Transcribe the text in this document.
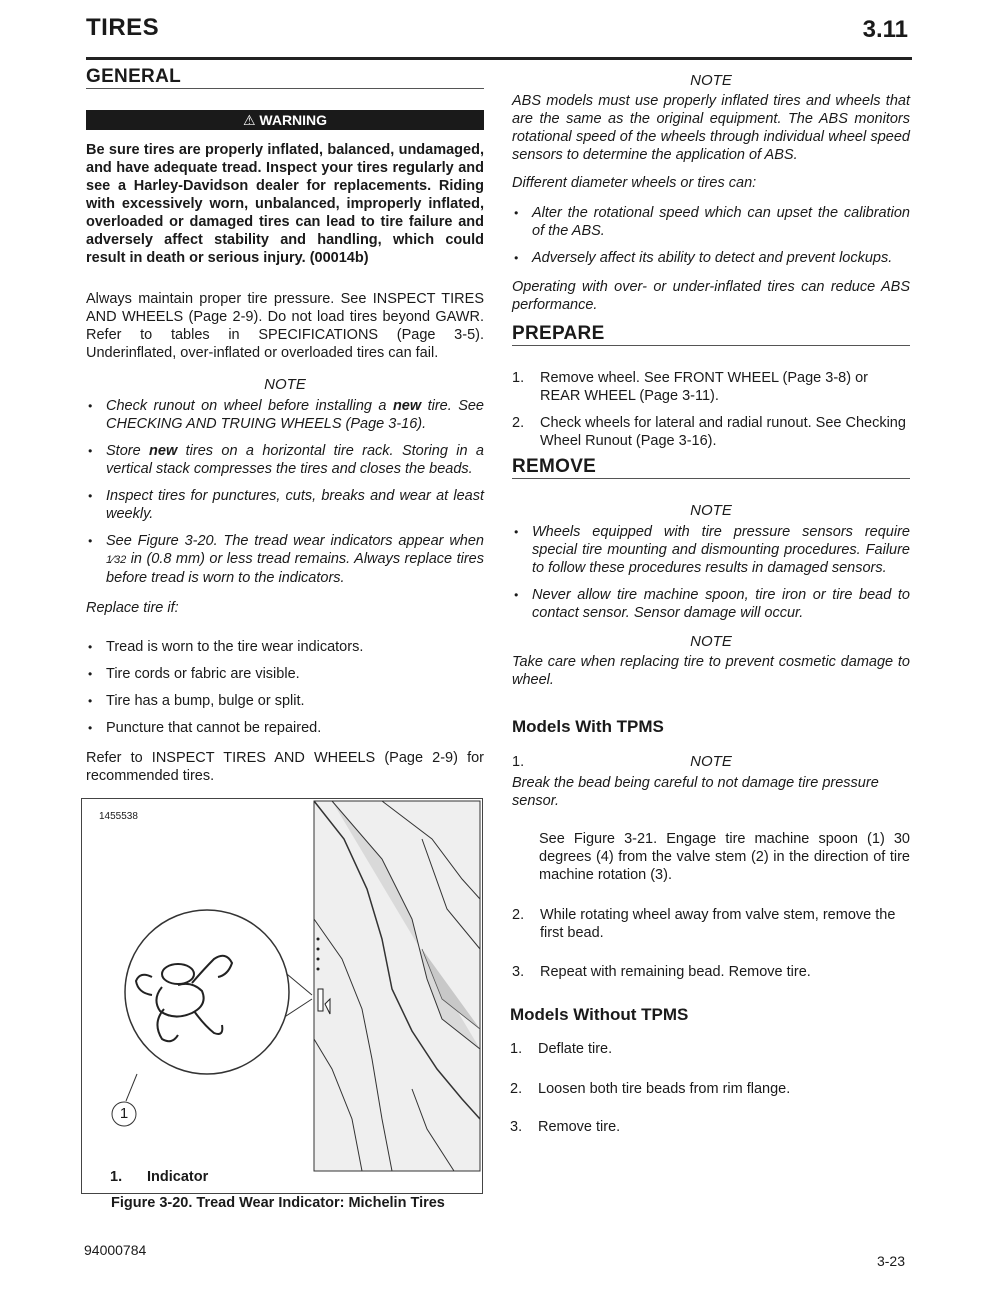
TIRES	3.11
GENERAL
⚠ WARNING
Be sure tires are properly inflated, balanced, undamaged, and have adequate tread. Inspect your tires regularly and see a Harley-Davidson dealer for replacements. Riding with excessively worn, unbalanced, improperly inflated, overloaded or damaged tires can lead to tire failure and adversely affect stability and handling, which could result in death or serious injury. (00014b)
Always maintain proper tire pressure. See INSPECT TIRES AND WHEELS (Page 2-9). Do not load tires beyond GAWR. Refer to tables in SPECIFICATIONS (Page 3-5). Underinflated, over-inflated or overloaded tires can fail.
NOTE
• Check runout on wheel before installing a new tire. See CHECKING AND TRUING WHEELS (Page 3-16).
• Store new tires on a horizontal tire rack. Storing in a vertical stack compresses the tires and closes the beads.
• Inspect tires for punctures, cuts, breaks and wear at least weekly.
• See Figure 3-20. The tread wear indicators appear when 1⁄32 in (0.8 mm) or less tread remains. Always replace tires before tread is worn to the indicators.
Replace tire if:
• Tread is worn to the tire wear indicators.
• Tire cords or fabric are visible.
• Tire has a bump, bulge or split.
• Puncture that cannot be repaired.
Refer to INSPECT TIRES AND WHEELS (Page 2-9) for recommended tires.
1455538
1
1. Indicator
Figure 3-20. Tread Wear Indicator: Michelin Tires
NOTE
ABS models must use properly inflated tires and wheels that are the same as the original equipment. The ABS monitors rotational speed of the wheels through individual wheel speed sensors to determine the application of ABS.
Different diameter wheels or tires can:
• Alter the rotational speed which can upset the calibration of the ABS.
• Adversely affect its ability to detect and prevent lockups.
Operating with over- or under-inflated tires can reduce ABS performance.
PREPARE
1. Remove wheel. See FRONT WHEEL (Page 3-8) or REAR WHEEL (Page 3-11).
2. Check wheels for lateral and radial runout. See Checking Wheel Runout (Page 3-16).
REMOVE
NOTE
• Wheels equipped with tire pressure sensors require special tire mounting and dismounting procedures. Failure to follow these procedures results in damaged sensors.
• Never allow tire machine spoon, tire iron or tire bead to contact sensor. Sensor damage will occur.
NOTE
Take care when replacing tire to prevent cosmetic damage to wheel.
Models With TPMS
1.	NOTE
Break the bead being careful to not damage tire pressure sensor.
See Figure 3-21. Engage tire machine spoon (1) 30 degrees (4) from the valve stem (2) in the direction of tire machine rotation (3).
2. While rotating wheel away from valve stem, remove the first bead.
3. Repeat with remaining bead. Remove tire.
Models Without TPMS
1. Deflate tire.
2. Loosen both tire beads from rim flange.
3. Remove tire.
94000784
3-23
